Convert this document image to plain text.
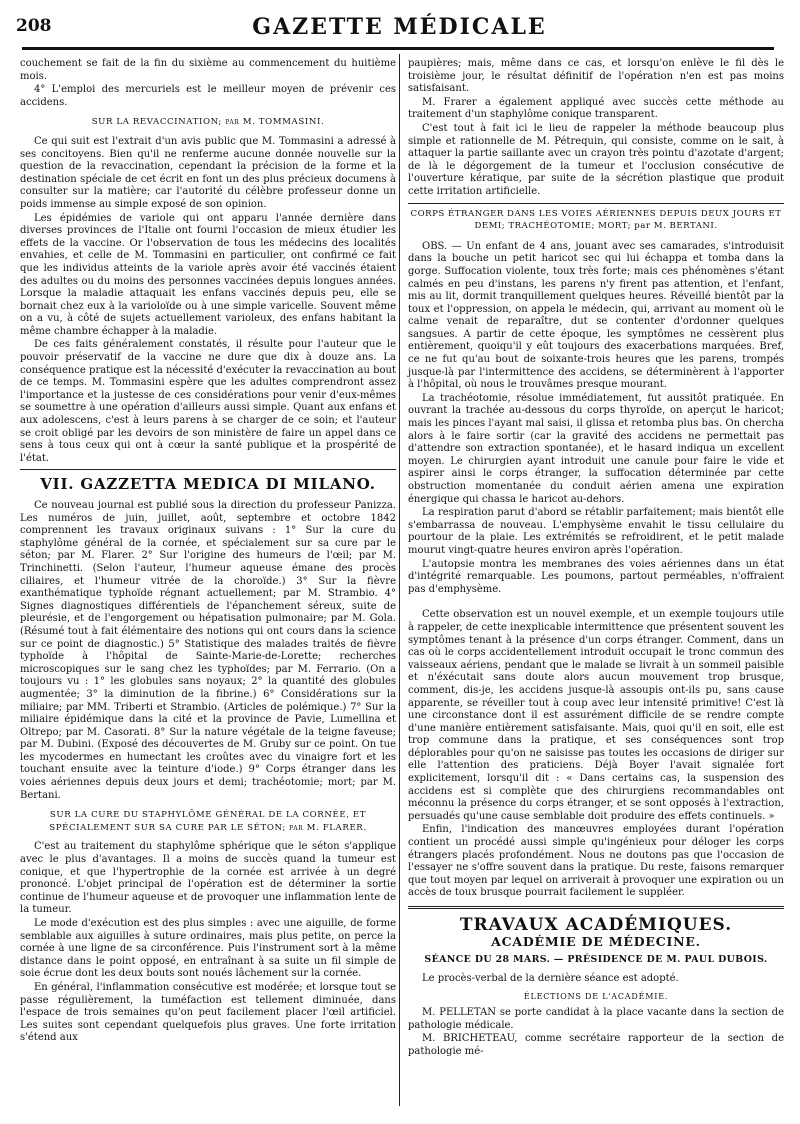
208	GAZETTE MÉDICALE

couchement se fait de la fin du sixième au commencement du huitième mois.

4° L'emploi des mercuriels est le meilleur moyen de prévenir ces accidens.

SUR LA REVACCINATION; par M. TOMMASINI.

Ce qui suit est l'extrait d'un avis public que M. Tommasini a adressé à ses concitoyens. Bien qu'il ne renferme aucune donnée nouvelle sur la question de la revaccination, cependant la précision de la forme et la destination spéciale de cet écrit en font un des plus précieux documens à consulter sur la matière; car l'autorité du célèbre professeur donne un poids immense au simple exposé de son opinion.

Les épidémies de variole qui ont apparu l'année dernière dans diverses provinces de l'Italie ont fourni l'occasion de mieux étudier les effets de la vaccine. Or l'observation de tous les médecins des localités envahies, et celle de M. Tommasini en particulier, ont confirmé ce fait que les individus atteints de la variole après avoir été vaccinés étaient des adultes ou du moins des personnes vaccinées depuis longues années. Lorsque la maladie attaquait les enfans vaccinés depuis peu, elle se bornait chez eux à la varioloïde ou à une simple varicelle. Souvent même on a vu, à côté de sujets actuellement varioleux, des enfans habitant la même chambre échapper à la maladie.

De ces faits généralement constatés, il résulte pour l'auteur que le pouvoir préservatif de la vaccine ne dure que dix à douze ans. La conséquence pratique est la nécessité d'exécuter la revaccination au bout de ce temps. M. Tommasini espère que les adultes comprendront assez l'importance et la justesse de ces considérations pour venir d'eux-mêmes se soumettre à une opération d'ailleurs aussi simple. Quant aux enfans et aux adolescens, c'est à leurs parens à se charger de ce soin; et l'auteur se croit obligé par les devoirs de son ministère de faire un appel dans ce sens à tous ceux qui ont à cœur la santé publique et la prospérité de l'état.

VII. GAZZETTA MEDICA DI MILANO.

Ce nouveau journal est publié sous la direction du professeur Panizza. Les numéros de juin, juillet, août, septembre et octobre 1842 comprennent les travaux originaux suivans : 1° Sur la cure du staphylôme général de la cornée, et spécialement sur sa cure par le séton; par M. Flarer. 2° Sur l'origine des humeurs de l'œil; par M. Trinchinetti. (Selon l'auteur, l'humeur aqueuse émane des procès ciliaires, et l'humeur vitrée de la choroïde.) 3° Sur la fièvre exanthématique typhoïde régnant actuellement; par M. Strambio. 4° Signes diagnostiques différentiels de l'épanchement séreux, suite de pleurésie, et de l'engorgement ou hépatisation pulmonaire; par M. Gola. (Résumé tout à fait élémentaire des notions qui ont cours dans la science sur ce point de diagnostic.) 5° Statistique des malades traités de fièvre typhoïde à l'hôpital de Sainte-Marie-de-Lorette; recherches microscopiques sur le sang chez les typhoïdes; par M. Ferrario. (On a toujours vu : 1° les globules sans noyaux; 2° la quantité des globules augmentée; 3° la diminution de la fibrine.) 6° Considérations sur la miliaire; par MM. Triberti et Strambio. (Articles de polémique.) 7° Sur la miliaire épidémique dans la cité et la province de Pavie, Lumellina et Oltrepo; par M. Casorati. 8° Sur la nature végétale de la teigne faveuse; par M. Dubini. (Exposé des découvertes de M. Gruby sur ce point. On tue les mycodermes en humectant les croûtes avec du vinaigre fort et les touchant ensuite avec la teinture d'iode.) 9° Corps étranger dans les voies aériennes depuis deux jours et demi; trachéotomie; mort; par M. Bertani.

SUR LA CURE DU STAPHYLÔME GÉNÉRAL DE LA CORNÉE, ET SPÉCIALEMENT SUR SA CURE PAR LE SÉTON; par M. FLARER.

C'est au traitement du staphylôme sphérique que le séton s'applique avec le plus d'avantages. Il a moins de succès quand la tumeur est conique, et que l'hypertrophie de la cornée est arrivée à un degré prononcé. L'objet principal de l'opération est de déterminer la sortie continue de l'humeur aqueuse et de provoquer une inflammation lente de la tumeur.

Le mode d'exécution est des plus simples : avec une aiguille, de forme semblable aux aiguilles à suture ordinaires, mais plus petite, on perce la cornée à une ligne de sa circonférence. Puis l'instrument sort à la même distance dans le point opposé, en entraînant à sa suite un fil simple de soie écrue dont les deux bouts sont noués lâchement sur la cornée.

En général, l'inflammation consécutive est modérée; et lorsque tout se passe régulièrement, la tuméfaction est tellement diminuée, dans l'espace de trois semaines qu'on peut facilement placer l'œil artificiel. Les suites sont cependant quelquefois plus graves. Une forte irritation s'étend aux

paupières; mais, même dans ce cas, et lorsqu'on enlève le fil dès le troisième jour, le résultat définitif de l'opération n'en est pas moins satisfaisant.

M. Frarer a également appliqué avec succès cette méthode au traitement d'un staphylôme conique transparent.

C'est tout à fait ici le lieu de rappeler la méthode beaucoup plus simple et rationnelle de M. Pétrequin, qui consiste, comme on le sait, à attaquer la partie saillante avec un crayon très pointu d'azotate d'argent; de là le dégorgement de la tumeur et l'occlusion consécutive de l'ouverture kératique, par suite de la sécrétion plastique que produit cette irritation artificielle.

CORPS ÉTRANGER DANS LES VOIES AÉRIENNES DEPUIS DEUX JOURS ET DEMI; TRACHÉOTOMIE; MORT; par M. BERTANI.

OBS. — Un enfant de 4 ans, jouant avec ses camarades, s'introduisit dans la bouche un petit haricot sec qui lui échappa et tomba dans la gorge. Suffocation violente, toux très forte; mais ces phénomènes s'étant calmés en peu d'instans, les parens n'y firent pas attention, et l'enfant, mis au lit, dormit tranquillement quelques heures. Réveillé bientôt par la toux et l'oppression, on appela le médecin, qui, arrivant au moment où le calme venait de reparaître, dut se contenter d'ordonner quelques sangsues. A partir de cette époque, les symptômes ne cessèrent plus entièrement, quoiqu'il y eût toujours des exacerbations marquées. Bref, ce ne fut qu'au bout de soixante-trois heures que les parens, trompés jusque-là par l'intermittence des accidens, se déterminèrent à l'apporter à l'hôpital, où nous le trouvâmes presque mourant.

La trachéotomie, résolue immédiatement, fut aussitôt pratiquée. En ouvrant la trachée au-dessous du corps thyroïde, on aperçut le haricot; mais les pinces l'ayant mal saisi, il glissa et retomba plus bas. On chercha alors à le faire sortir (car la gravité des accidens ne permettait pas d'attendre son extraction spontanée), et le hasard indiqua un excellent moyen. Le chirurgien ayant introduit une canule pour faire le vide et aspirer ainsi le corps étranger, la suffocation déterminée par cette obstruction momentanée du conduit aérien amena une expiration énergique qui chassa le haricot au-dehors.

La respiration parut d'abord se rétablir parfaitement; mais bientôt elle s'embarrassa de nouveau. L'emphysème envahit le tissu cellulaire du pourtour de la plaie. Les extrémités se refroidirent, et le petit malade mourut vingt-quatre heures environ après l'opération.

L'autopsie montra les membranes des voies aériennes dans un état d'intégrité remarquable. Les poumons, partout perméables, n'offraient pas d'emphysème.

Cette observation est un nouvel exemple, et un exemple toujours utile à rappeler, de cette inexplicable intermittence que présentent souvent les symptômes tenant à la présence d'un corps étranger. Comment, dans un cas où le corps accidentellement introduit occupait le tronc commun des vaisseaux aériens, pendant que le malade se livrait à un sommeil paisible et n'éxécutait sans doute alors aucun mouvement trop brusque, comment, dis-je, les accidens jusque-là assoupis ont-ils pu, sans cause apparente, se réveiller tout à coup avec leur intensité primitive! C'est là une circonstance dont il est assurément difficile de se rendre compte d'une manière entièrement satisfaisante. Mais, quoi qu'il en soit, elle est trop commune dans la pratique, et ses conséquences sont trop déplorables pour qu'on ne saisisse pas toutes les occasions de diriger sur elle l'attention des praticiens. Déjà Boyer l'avait signalée fort explicitement, lorsqu'il dit : « Dans certains cas, la suspension des accidens est si complète que des chirurgiens recommandables ont méconnu la présence du corps étranger, et se sont opposés à l'extraction, persuadés qu'une cause semblable doit produire des effets continuels. »

Enfin, l'indication des manœuvres employées durant l'opération contient un procédé aussi simple qu'ingénieux pour déloger les corps étrangers placés profondément. Nous ne doutons pas que l'occasion de l'essayer ne s'offre souvent dans la pratique. Du reste, faisons remarquer que tout moyen par lequel on arriverait à provoquer une expiration ou un accès de toux brusque pourrait facilement le suppléer.

TRAVAUX ACADÉMIQUES.
ACADÉMIE DE MÉDECINE.
SÉANCE DU 28 MARS. — PRÉSIDENCE DE M. PAUL DUBOIS.

Le procès-verbal de la dernière séance est adopté.

ÉLECTIONS DE L'ACADÉMIE.

M. PELLETAN se porte candidat à la place vacante dans la section de pathologie médicale.

M. BRICHETEAU, comme secrétaire rapporteur de la section de pathologie mé-
